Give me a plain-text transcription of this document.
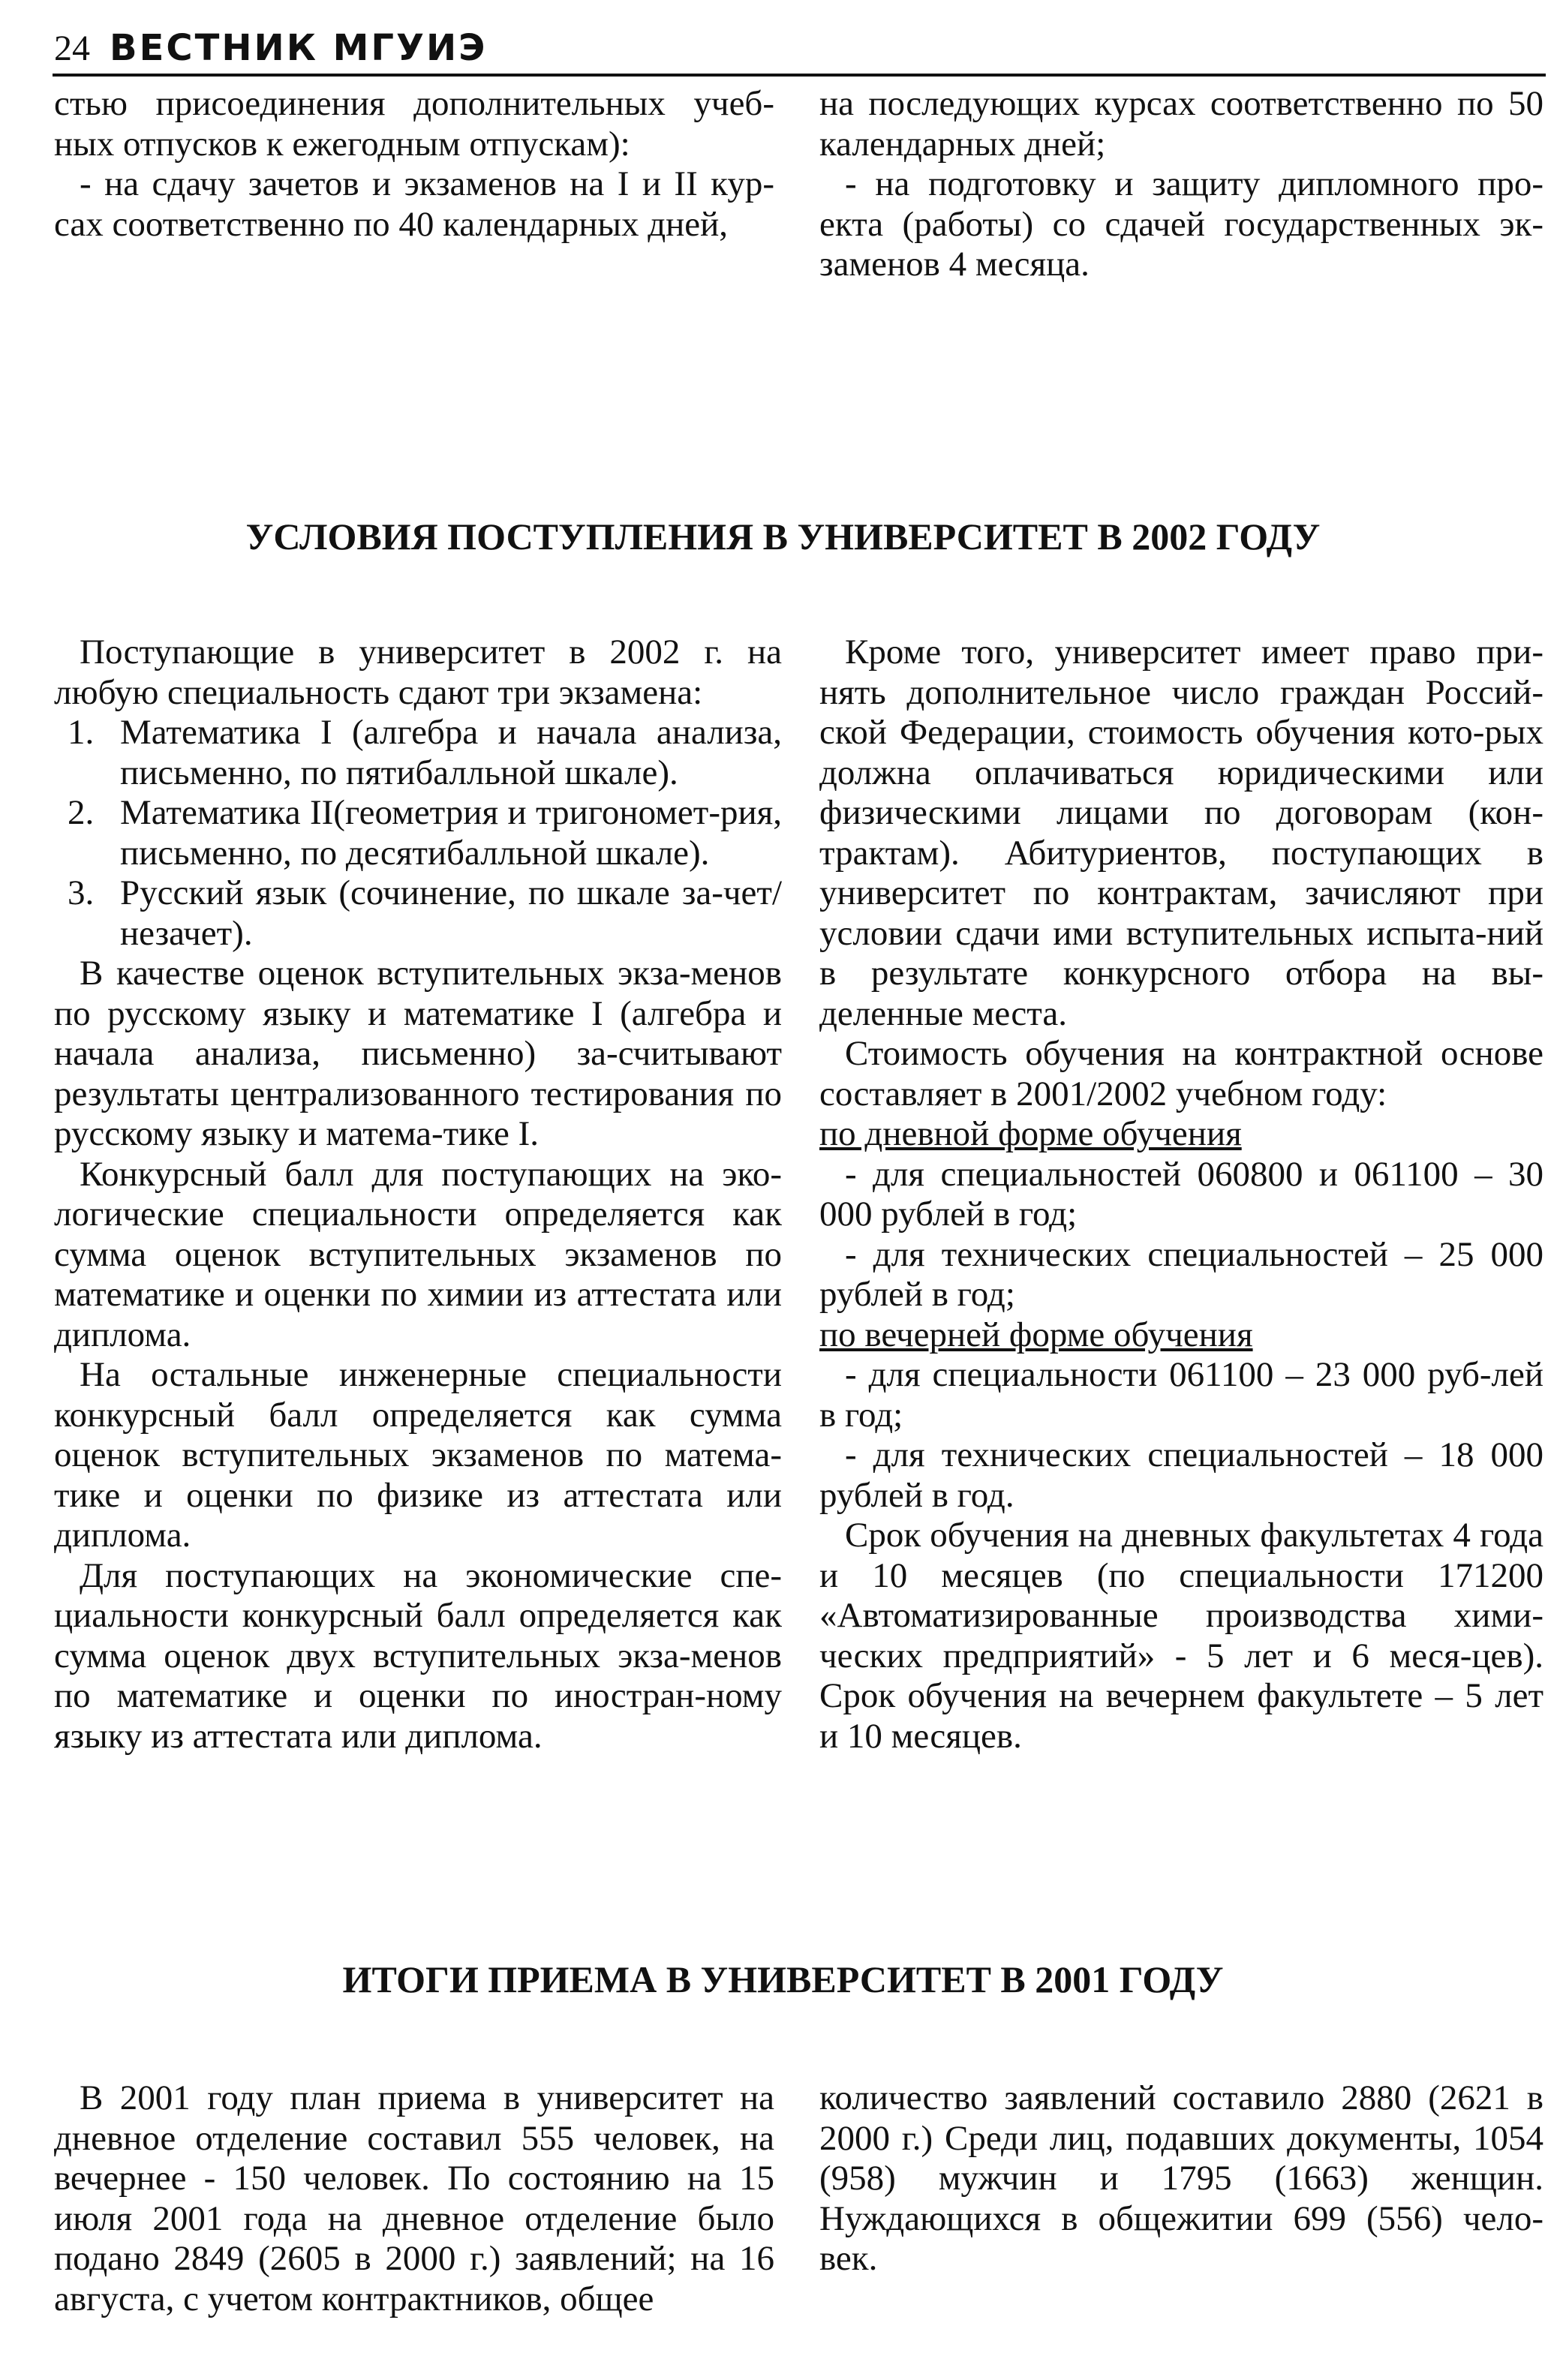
24 ВЕСТНИК МГУИЭ

стью присоединения дополнительных учеб-ных отпусков к ежегодным отпускам):

- на сдачу зачетов и экзаменов на I и II кур-сах соответственно по 40 календарных дней,

на последующих курсах соответственно по 50 календарных дней;

- на подготовку и защиту дипломного про-екта (работы) со сдачей государственных эк-заменов 4 месяца.

УСЛОВИЯ ПОСТУПЛЕНИЯ В УНИВЕРСИТЕТ В 2002 ГОДУ

Поступающие в университет в 2002 г. на любую специальность сдают три экзамена:

1. Математика I (алгебра и начала анализа, письменно, по пятибалльной шкале).
2. Математика II(геометрия и тригономет-рия, письменно, по десятибалльной шкале).
3. Русский язык (сочинение, по шкале за-чет/незачет).

В качестве оценок вступительных экза-менов по русскому языку и математике I (алгебра и начала анализа, письменно) за-считывают результаты централизованного тестирования по русскому языку и матема-тике I.

Конкурсный балл для поступающих на эко-логические специальности определяется как сумма оценок вступительных экзаменов по математике и оценки по химии из аттестата или диплома.

На остальные инженерные специальности конкурсный балл определяется как сумма оценок вступительных экзаменов по матема-тике и оценки по физике из аттестата или диплома.

Для поступающих на экономические спе-циальности конкурсный балл определяется как сумма оценок двух вступительных экза-менов по математике и оценки по иностран-ному языку из аттестата или диплома.

Кроме того, университет имеет право при-нять дополнительное число граждан Россий-ской Федерации, стоимость обучения кото-рых должна оплачиваться юридическими или физическими лицами по договорам (кон-трактам). Абитуриентов, поступающих в университет по контрактам, зачисляют при условии сдачи ими вступительных испыта-ний в результате конкурсного отбора на вы-деленные места.

Стоимость обучения на контрактной основе составляет в 2001/2002 учебном году:

по дневной форме обучения

- для специальностей 060800 и 061100 – 30 000 рублей в год;

- для технических специальностей – 25 000 рублей в год;

по вечерней форме обучения

- для специальности 061100 – 23 000 руб-лей в год;

- для технических специальностей – 18 000 рублей в год.

Срок обучения на дневных факультетах 4 года и 10 месяцев (по специальности 171200 «Автоматизированные производства хими-ческих предприятий» - 5 лет и 6 меся-цев). Срок обучения на вечернем факультете – 5 лет и 10 месяцев.

ИТОГИ ПРИЕМА В УНИВЕРСИТЕТ В 2001 ГОДУ

В 2001 году план приема в университет на дневное отделение составил 555 человек, на вечернее - 150 человек. По состоянию на 15 июля 2001 года на дневное отделение было подано 2849 (2605 в 2000 г.) заявлений; на 16 августа, с учетом контрактников, общее

количество заявлений составило 2880 (2621 в 2000 г.) Среди лиц, подавших документы, 1054 (958) мужчин и 1795 (1663) женщин. Нуждающихся в общежитии 699 (556) чело-век.
